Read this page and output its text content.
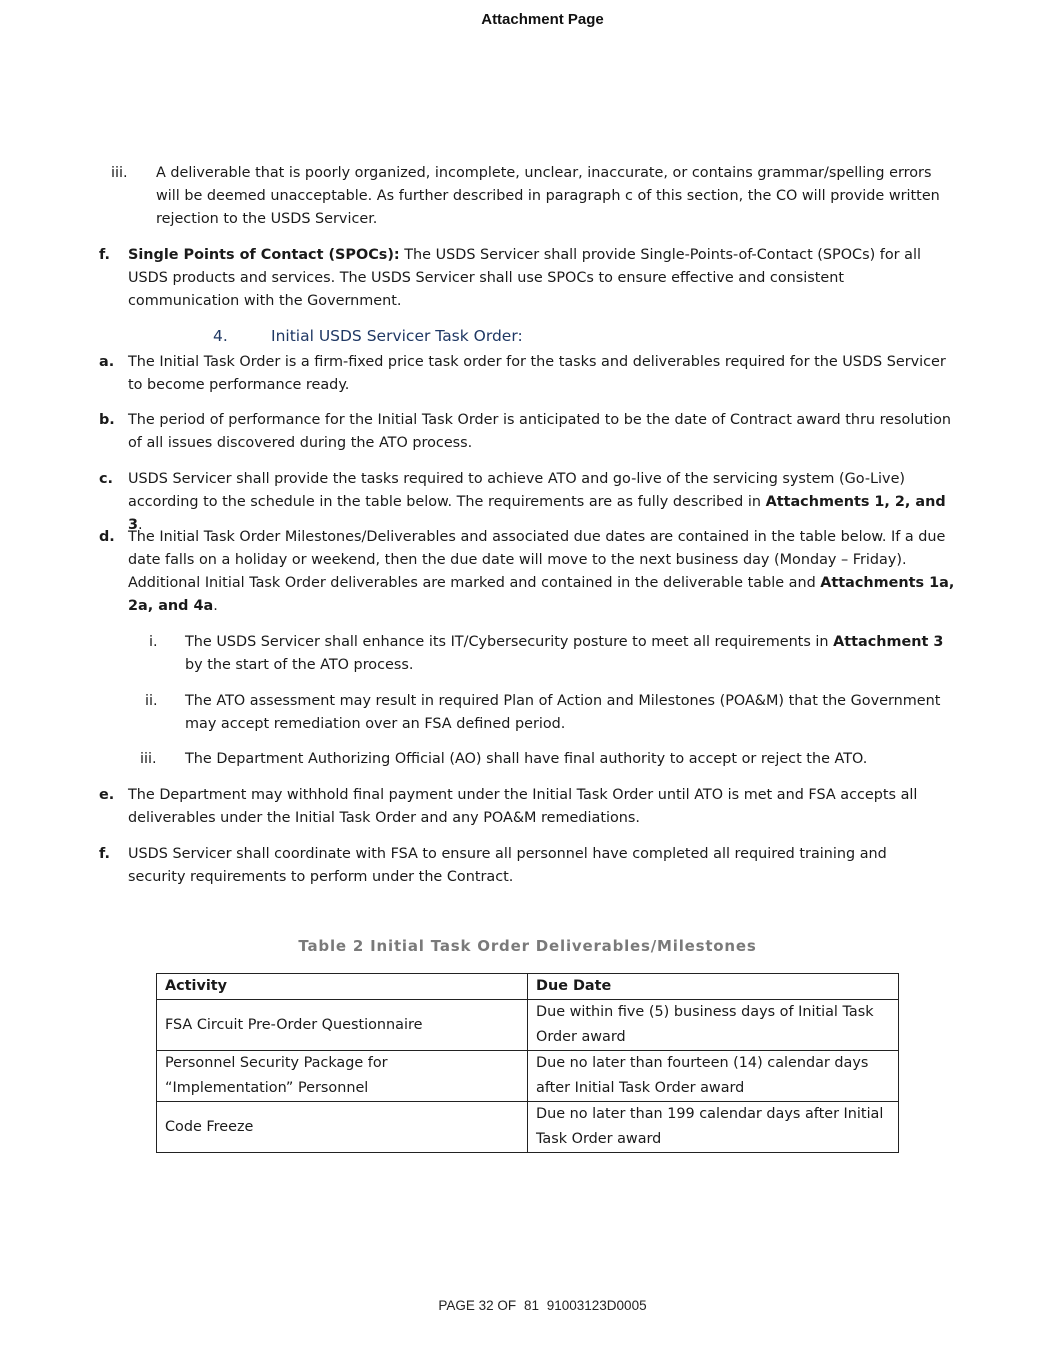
Attachment Page
iii. A deliverable that is poorly organized, incomplete, unclear, inaccurate, or contains grammar/spelling errors will be deemed unacceptable. As further described in paragraph c of this section, the CO will provide written rejection to the USDS Servicer.
f. Single Points of Contact (SPOCs): The USDS Servicer shall provide Single-Points-of-Contact (SPOCs) for all USDS products and services. The USDS Servicer shall use SPOCs to ensure effective and consistent communication with the Government.
4.	Initial USDS Servicer Task Order:
a. The Initial Task Order is a firm-fixed price task order for the tasks and deliverables required for the USDS Servicer to become performance ready.
b. The period of performance for the Initial Task Order is anticipated to be the date of Contract award thru resolution of all issues discovered during the ATO process.
c. USDS Servicer shall provide the tasks required to achieve ATO and go-live of the servicing system (Go-Live) according to the schedule in the table below. The requirements are as fully described in Attachments 1, 2, and 3.
d. The Initial Task Order Milestones/Deliverables and associated due dates are contained in the table below. If a due date falls on a holiday or weekend, then the due date will move to the next business day (Monday – Friday). Additional Initial Task Order deliverables are marked and contained in the deliverable table and Attachments 1a, 2a, and 4a.
i. The USDS Servicer shall enhance its IT/Cybersecurity posture to meet all requirements in Attachment 3 by the start of the ATO process.
ii. The ATO assessment may result in required Plan of Action and Milestones (POA&M) that the Government may accept remediation over an FSA defined period.
iii. The Department Authorizing Official (AO) shall have final authority to accept or reject the ATO.
e. The Department may withhold final payment under the Initial Task Order until ATO is met and FSA accepts all deliverables under the Initial Task Order and any POA&M remediations.
f. USDS Servicer shall coordinate with FSA to ensure all personnel have completed all required training and security requirements to perform under the Contract.
Table 2 Initial Task Order Deliverables/Milestones
Activity	Due Date
FSA Circuit Pre-Order Questionnaire	Due within five (5) business days of Initial Task Order award
Personnel Security Package for “Implementation” Personnel	Due no later than fourteen (14) calendar days after Initial Task Order award
Code Freeze	Due no later than 199 calendar days after Initial Task Order award
PAGE 32 OF 81 91003123D0005
